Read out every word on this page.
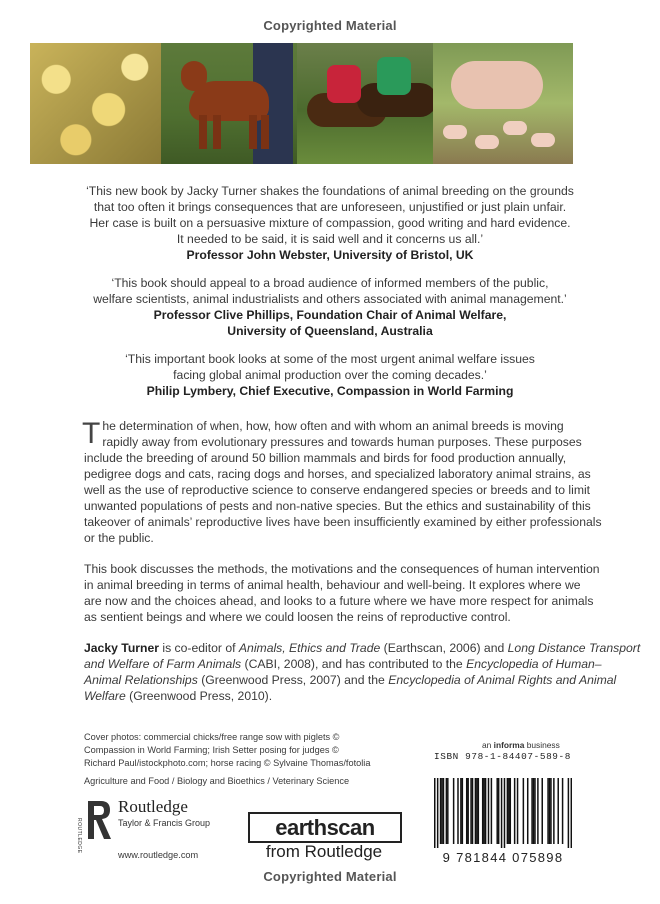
Copyrighted Material
‘This new book by Jacky Turner shakes the foundations of animal breeding on the grounds
that too often it brings consequences that are unforeseen, unjustified or just plain unfair.
Her case is built on a persuasive mixture of compassion, good writing and hard evidence.
It needed to be said, it is said well and it concerns us all.’
Professor John Webster, University of Bristol, UK
‘This book should appeal to a broad audience of informed members of the public,
welfare scientists, animal industrialists and others associated with animal management.’
Professor Clive Phillips, Foundation Chair of Animal Welfare,
University of Queensland, Australia
‘This important book looks at some of the most urgent animal welfare issues
facing global animal production over the coming decades.’
Philip Lymbery, Chief Executive, Compassion in World Farming
T he determination of when, how, how often and with whom an animal breeds is moving
rapidly away from evolutionary pressures and towards human purposes. These purposes
include the breeding of around 50 billion mammals and birds for food production annually,
pedigree dogs and cats, racing dogs and horses, and specialized laboratory animal strains, as
well as the use of reproductive science to conserve endangered species or breeds and to limit
unwanted populations of pests and non-native species. But the ethics and sustainability of this
takeover of animals’ reproductive lives have been insufficiently examined by either professionals
or the public.
This book discusses the methods, the motivations and the consequences of human intervention
in animal breeding in terms of animal health, behaviour and well-being. It explores where we
are now and the choices ahead, and looks to a future where we have more respect for animals
as sentient beings and where we could loosen the reins of reproductive control.
Jacky Turner is co-editor of Animals, Ethics and Trade (Earthscan, 2006) and Long Distance Transport
and Welfare of Farm Animals (CABI, 2008), and has contributed to the Encyclopedia of Human–
Animal Relationships (Greenwood Press, 2007) and the Encyclopedia of Animal Rights and Animal
Welfare (Greenwood Press, 2010).
Cover photos: commercial chicks/free range sow with piglets ©
Compassion in World Farming; Irish Setter posing for judges ©
Richard Paul/istockphoto.com; horse racing © Sylvaine Thomas/fotolia
Agriculture and Food / Biology and Bioethics / Veterinary Science
ROUTLEDGE
Routledge
Taylor & Francis Group
www.routledge.com
earthscan
from Routledge
an informa business
ISBN 978-1-84407-589-8
9 781844 075898
Copyrighted Material
